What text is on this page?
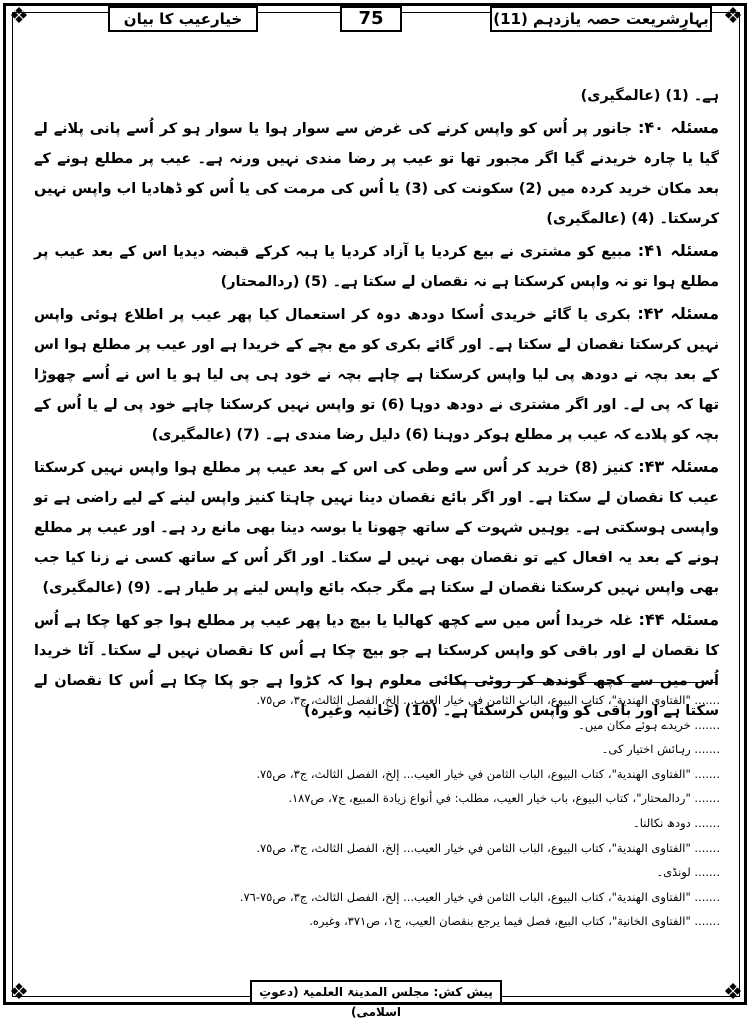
❖	❖
❖	❖
خیارعیب کا بیان	75	بہارِشریعت حصہ یازدہم (11)

ہے۔ (1) (عالمگیری)

مسئلہ ۴۰: جانور پر اُس کو واپس کرنے کی غرض سے سوار ہوا یا سوار ہو کر اُسے پانی پلانے لے گیا یا چارہ خریدنے گیا اگر مجبور تھا تو عیب پر رضا مندی نہیں ورنہ ہے۔ عیب پر مطلع ہونے کے بعد مکان خرید کردہ میں (2) سکونت کی (3) یا اُس کی مرمت کی یا اُس کو ڈھادیا اب واپس نہیں کرسکتا۔ (4) (عالمگیری)

مسئلہ ۴۱: مبیع کو مشتری نے بیع کردیا یا آزاد کردیا یا ہبہ کرکے قبضہ دیدیا اس کے بعد عیب پر مطلع ہوا تو نہ واپس کرسکتا ہے نہ نقصان لے سکتا ہے۔ (5) (ردالمحتار)

مسئلہ ۴۲: بکری یا گائے خریدی اُسکا دودھ دوہ کر استعمال کیا پھر عیب پر اطلاع ہوئی واپس نہیں کرسکتا نقصان لے سکتا ہے۔ اور گائے بکری کو مع بچے کے خریدا ہے اور عیب پر مطلع ہوا اس کے بعد بچہ نے دودھ پی لیا واپس کرسکتا ہے چاہے بچہ نے خود ہی پی لیا ہو یا اس نے اُسے چھوڑا تھا کہ پی لے۔ اور اگر مشتری نے دودھ دوہا (6) تو واپس نہیں کرسکتا چاہے خود پی لے یا اُس کے بچہ کو پلادے کہ عیب پر مطلع ہوکر دوہنا (6) دلیل رضا مندی ہے۔ (7) (عالمگیری)

مسئلہ ۴۳: کنیز (8) خرید کر اُس سے وطی کی اس کے بعد عیب پر مطلع ہوا واپس نہیں کرسکتا عیب کا نقصان لے سکتا ہے۔ اور اگر بائع نقصان دینا نہیں چاہتا کنیز واپس لینے کے لیے راضی ہے تو واپسی ہوسکتی ہے۔ یوہیں شہوت کے ساتھ چھونا یا بوسہ دینا بھی مانع رد ہے۔ اور عیب پر مطلع ہونے کے بعد یہ افعال کیے تو نقصان بھی نہیں لے سکتا۔ اور اگر اُس کے ساتھ کسی نے زنا کیا جب بھی واپس نہیں کرسکتا نقصان لے سکتا ہے مگر جبکہ بائع واپس لینے پر طیار ہے۔ (9) (عالمگیری)

مسئلہ ۴۴: غلہ خریدا اُس میں سے کچھ کھالیا یا بیچ دیا پھر عیب پر مطلع ہوا جو کھا چکا ہے اُس کا نقصان لے اور باقی کو واپس کرسکتا ہے جو بیچ چکا ہے اُس کا نقصان نہیں لے سکتا۔ آٹا خریدا اُس میں سے کچھ گوندھ کر روٹی پکائی معلوم ہوا کہ کڑوا ہے جو پکا چکا ہے اُس کا نقصان لے سکتا ہے اور باقی کو واپس کرسکتا ہے۔ (10) (خانیہ وغیرہ)

....... "الفتاوى الهندية"، كتاب البيوع، الباب الثامن في خيار العيب... إلخ، الفصل الثالث، ج٣، ص٧٥.
....... خریدے ہوئے مکان میں۔
....... رہائش اختیار کی۔
....... "الفتاوى الهندية"، كتاب البيوع، الباب الثامن في خيار العيب... إلخ، الفصل الثالث، ج٣، ص٧٥.
....... "ردالمحتار"، كتاب البيوع، باب خيار العيب، مطلب: في أنواع زيادة المبيع، ج٧، ص١٨٧.
....... دودھ نکالنا۔
....... "الفتاوى الهندية"، كتاب البيوع، الباب الثامن في خيار العيب... إلخ، الفصل الثالث، ج٣، ص٧٥.
....... لونڈی۔
....... "الفتاوى الهندية"، كتاب البيوع، الباب الثامن في خيار العيب... إلخ، الفصل الثالث، ج٣، ص٧٥-٧٦.
....... "الفتاوى الخانية"، كتاب البيع، فصل فيما يرجع بنقصان العيب، ج١، ص٣٧١، وغيره.
پیش کش: مجلس المدینۃ العلمیۃ (دعوتِ اسلامی)
